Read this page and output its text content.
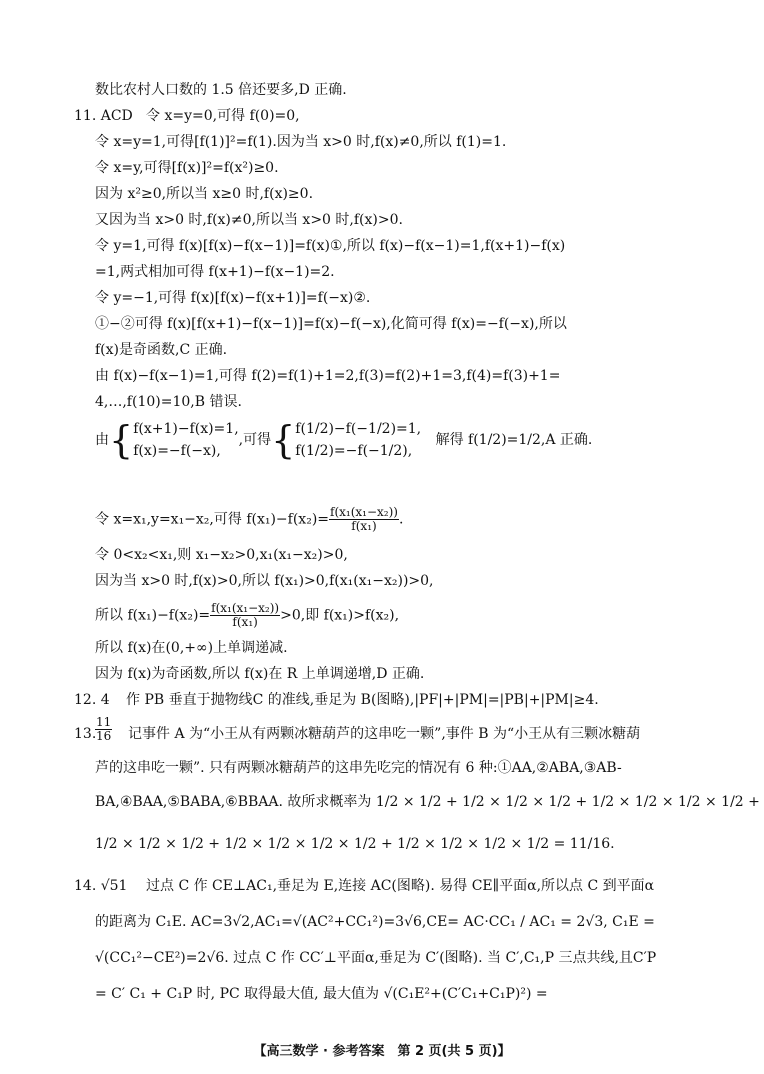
数比农村人口数的 1.5 倍还要多,D 正确.
11. ACD 令 x=y=0,可得 f(0)=0,
令 x=y=1,可得[f(1)]²=f(1).因为当 x>0 时,f(x)≠0,所以 f(1)=1.
令 x=y,可得[f(x)]²=f(x²)≥0.
因为 x²≥0,所以当 x≥0 时,f(x)≥0.
又因为当 x>0 时,f(x)≠0,所以当 x>0 时,f(x)>0.
令 y=1,可得 f(x)[f(x)−f(x−1)]=f(x)①,所以 f(x)−f(x−1)=1,f(x+1)−f(x)
=1,两式相加可得 f(x+1)−f(x−1)=2.
令 y=−1,可得 f(x)[f(x)−f(x+1)]=f(−x)②.
①−②可得 f(x)[f(x+1)−f(x−1)]=f(x)−f(−x),化简可得 f(x)=−f(−x),所以
f(x)是奇函数,C 正确.
由 f(x)−f(x−1)=1,可得 f(2)=f(1)+1=2,f(3)=f(2)+1=3,f(4)=f(3)+1=
4,…,f(10)=10,B 错误.
由{ f(x+1)−f(x)=1,
f(x)=−f(−x),
,可得{ f(1/2)−f(−1/2)=1,
f(1/2)=−f(−1/2),
解得 f(1/2)=1/2,A 正确.
令 x=x₁,y=x₁−x₂,可得 $f(x_1)-f(x_2)= \frac{\text{f(x₁(x₁−x₂))}}{\text{f(x₁)}}$ .
令 0<x₂<x₁,则 x₁−x₂>0,x₁(x₁−x₂)>0,
因为当 x>0 时,f(x)>0,所以 f(x₁)>0,f(x₁(x₁−x₂))>0,
所以 $f(x_1)-f(x_2)= \frac{\text{f(x₁(x₁−x₂))}}{\text{f(x₁)}} >0$,即 f(x₁)>f(x₂),
所以 f(x)在(0,+∞)上单调递减.
因为 f(x)为奇函数,所以 f(x)在 R 上单调递增,D 正确.
12. 4 作 PB 垂直于抛物线C 的准线,垂足为 B(图略),|PF|+|PM|=|PB|+|PM|≥4.
13.
$\frac{11}{16}$ 记事件 A 为“小王从有两颗冰糖葫芦的这串吃一颗”,事件 B 为“小王从有三颗冰糖葫
芦的这串吃一颗”. 只有两颗冰糖葫芦的这串先吃完的情况有 6 种:①AA,②ABA,③AB-
BA,④BAA,⑤BABA,⑥BBAA. 故所求概率为 1/2 × 1/2 + 1/2 × 1/2 × 1/2 + 1/2 × 1/2 × 1/2 × 1/2 +
1/2 × 1/2 × 1/2 + 1/2 × 1/2 × 1/2 × 1/2 + 1/2 × 1/2 × 1/2 × 1/2 = 11/16.
14. √51 过点 C 作 CE⊥AC₁,垂足为 E,连接 AC(图略). 易得 CE∥平面α,所以点 C 到平面α
的距离为 C₁E. AC=3√2,AC₁=√(AC²+CC₁²)=3√6,CE= AC·CC₁ / AC₁ = 2√3, C₁E =
√(CC₁²−CE²)=2√6. 过点 C 作 CC′⊥平面α,垂足为 C′(图略). 当 C′,C₁,P 三点共线,且C′P
= C′ C₁ + C₁P 时, PC 取得最大值, 最大值为 √(C₁E²+(C′C₁+C₁P)²) =
【高三数学 · 参考答案　第 2 页(共 5 页)】
